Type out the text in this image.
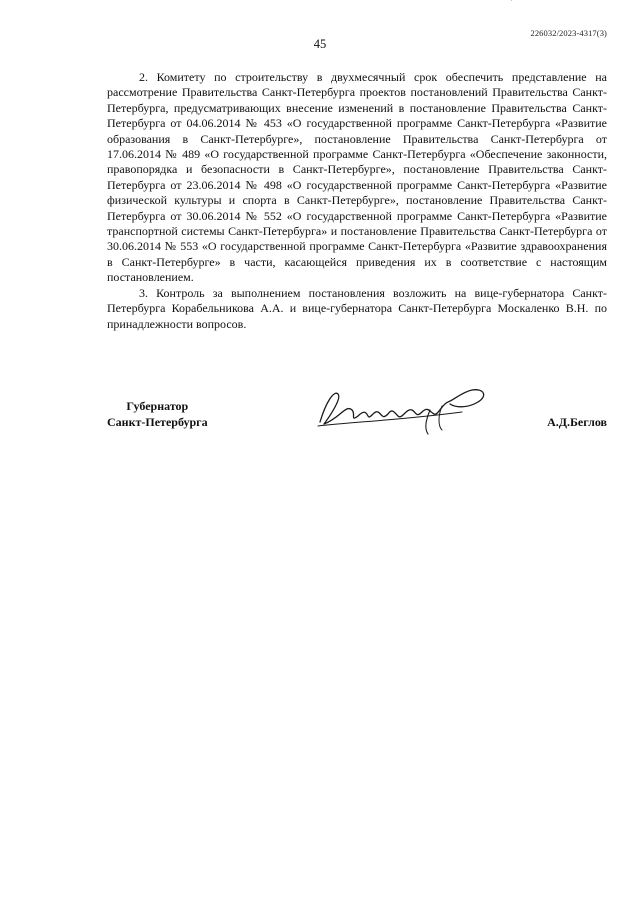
226032/2023-4317(3)
45

2. Комитету по строительству в двухмесячный срок обеспечить представление на рассмотрение Правительства Санкт-Петербурга проектов постановлений Правительства Санкт-Петербурга, предусматривающих внесение изменений в постановление Правительства Санкт-Петербурга от 04.06.2014 № 453 «О государственной программе Санкт-Петербурга «Развитие образования в Санкт-Петербурге», постановление Правительства Санкт-Петербурга от 17.06.2014 № 489 «О государственной программе Санкт-Петербурга «Обеспечение законности, правопорядка и безопасности в Санкт-Петербурге», постановление Правительства Санкт-Петербурга от 23.06.2014 № 498 «О государственной программе Санкт-Петербурга «Развитие физической культуры и спорта в Санкт-Петербурге», постановление Правительства Санкт-Петербурга от 30.06.2014 № 552 «О государственной программе Санкт-Петербурга «Развитие транспортной системы Санкт-Петербурга» и постановление Правительства Санкт-Петербурга от 30.06.2014 № 553 «О государственной программе Санкт-Петербурга «Развитие здравоохранения в Санкт-Петербурге» в части, касающейся приведения их в соответствие с настоящим постановлением.

3. Контроль за выполнением постановления возложить на вице-губернатора Санкт-Петербурга Корабельникова А.А. и вице-губернатора Санкт-Петербурга Москаленко В.Н. по принадлежности вопросов.

Губернатор
Санкт-Петербурга	А.Д.Беглов
